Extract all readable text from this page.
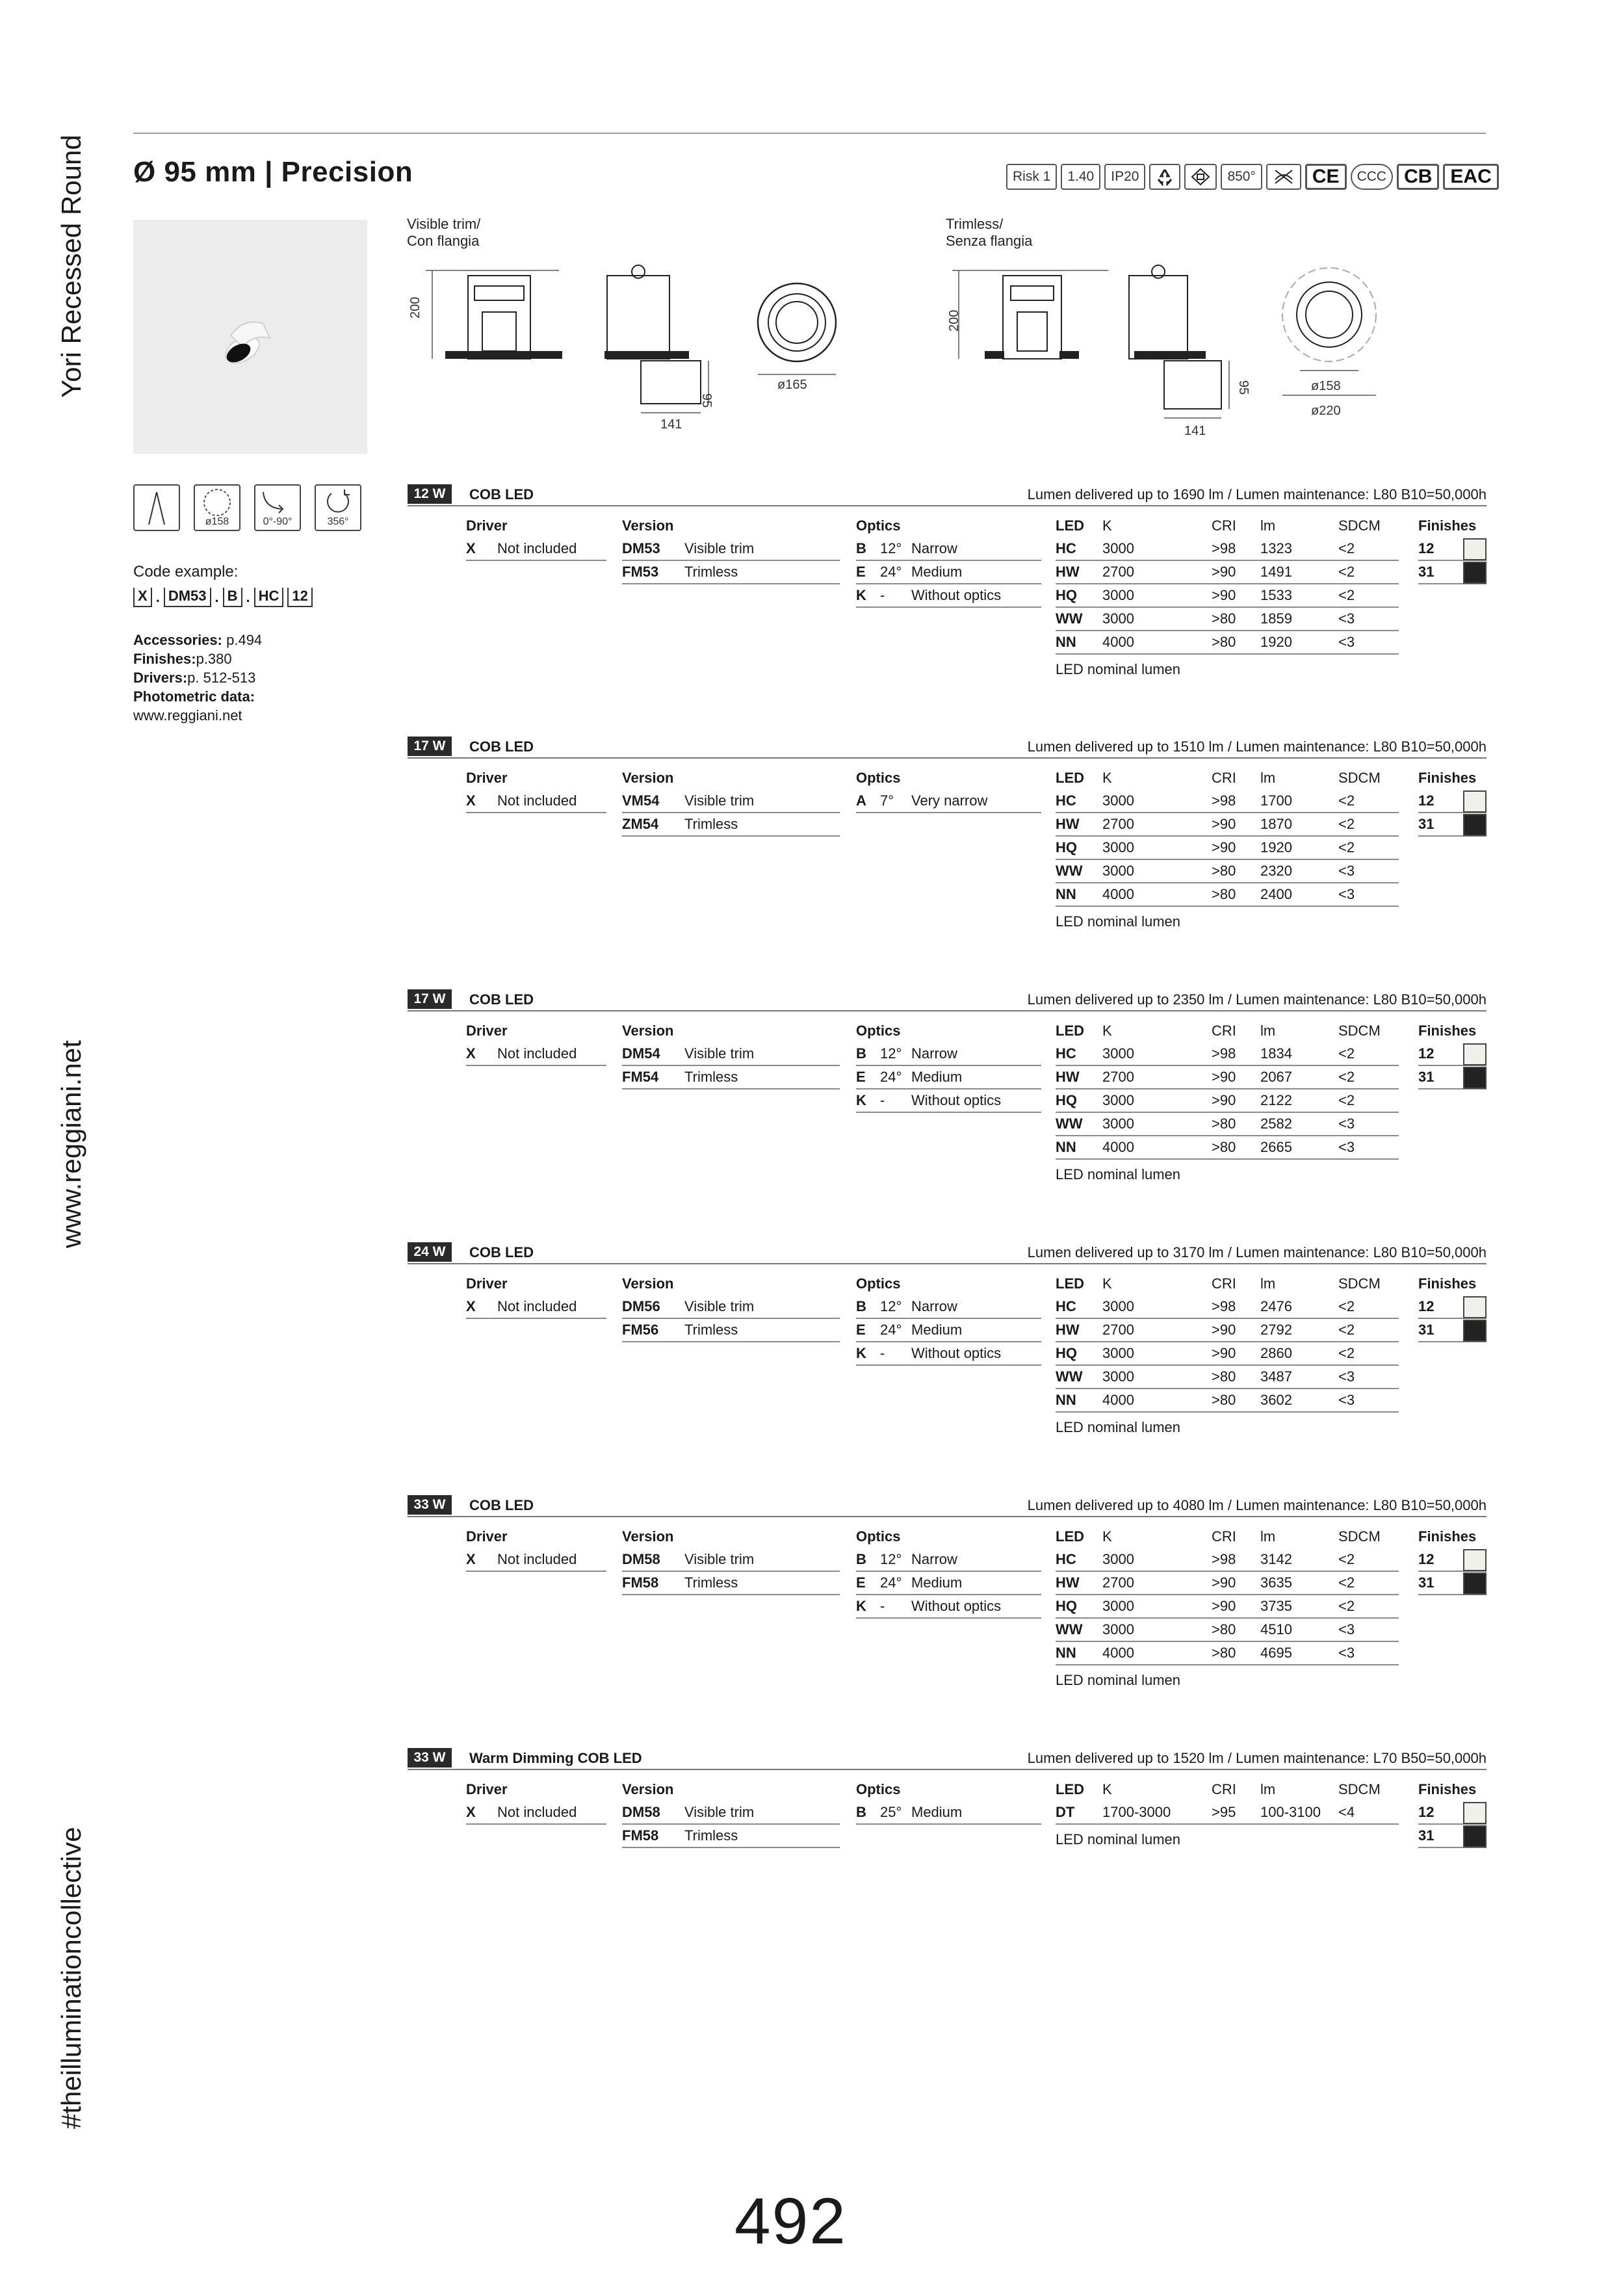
Yori Recessed Round
www.reggiani.net
#theilluminationcollective
Ø 95 mm | Precision	Risk 1	1.40	IP20	850°	CE	CCC CB EAC
Visible trim/
Con flangia
Trimless/
Senza flangia
200
95
141
ø165
200
95
141
ø158
ø220
ø158	0°-90°	356°
Code example:
X . DM53 . B . HC 12
Accessories: p.494
Finishes:p.380
Drivers:p. 512-513
Photometric data:
www.reggiani.net
12 W	COB LED	Lumen delivered up to 1690 lm / Lumen maintenance: L80 B10=50,000h
Driver
X Not included
Version
DM53 Visible trim
FM53 Trimless
Optics
B 12° Narrow
E 24° Medium
K - Without optics
LED K	CRI lm	SDCM
HC 3000	>98 1323	<2
HW 2700	>90 1491	<2
HQ 3000	>90 1533	<2
WW 3000	>80 1859	<3
NN 4000	>80 1920	<3
LED nominal lumen
Finishes
12
31
17 W	COB LED	Lumen delivered up to 1510 lm / Lumen maintenance: L80 B10=50,000h
Driver
X Not included
Version
VM54 Visible trim
ZM54 Trimless
Optics
A 7° Very narrow
LED K	CRI lm	SDCM
HC 3000	>98 1700	<2
HW 2700	>90 1870	<2
HQ 3000	>90 1920	<2
WW 3000	>80 2320	<3
NN 4000	>80 2400	<3
LED nominal lumen
Finishes
12
31
17 W	COB LED	Lumen delivered up to 2350 lm / Lumen maintenance: L80 B10=50,000h
Driver
X Not included
Version
DM54 Visible trim
FM54 Trimless
Optics
B 12° Narrow
E 24° Medium
K - Without optics
LED K	CRI lm	SDCM
HC 3000	>98 1834	<2
HW 2700	>90 2067	<2
HQ 3000	>90 2122	<2
WW 3000	>80 2582	<3
NN 4000	>80 2665	<3
LED nominal lumen
Finishes
12
31
24 W	COB LED	Lumen delivered up to 3170 lm / Lumen maintenance: L80 B10=50,000h
Driver
X Not included
Version
DM56 Visible trim
FM56 Trimless
Optics
B 12° Narrow
E 24° Medium
K - Without optics
LED K	CRI lm	SDCM
HC 3000	>98 2476	<2
HW 2700	>90 2792	<2
HQ 3000	>90 2860	<2
WW 3000	>80 3487	<3
NN 4000	>80 3602	<3
LED nominal lumen
Finishes
12
31
33 W	COB LED	Lumen delivered up to 4080 lm / Lumen maintenance: L80 B10=50,000h
Driver
X Not included
Version
DM58 Visible trim
FM58 Trimless
Optics
B 12° Narrow
E 24° Medium
K - Without optics
LED K	CRI lm	SDCM
HC 3000	>98 3142	<2
HW 2700	>90 3635	<2
HQ 3000	>90 3735	<2
WW 3000	>80 4510	<3
NN 4000	>80 4695	<3
LED nominal lumen
Finishes
12
31
33 W	Warm Dimming COB LED	Lumen delivered up to 1520 lm / Lumen maintenance: L70 B50=50,000h
Driver
X Not included
Version
DM58 Visible trim
FM58 Trimless
Optics
B 25° Medium
LED K	CRI lm	SDCM
DT 1700-3000	>95 100-3100 <4
LED nominal lumen
Finishes
12
31
492
